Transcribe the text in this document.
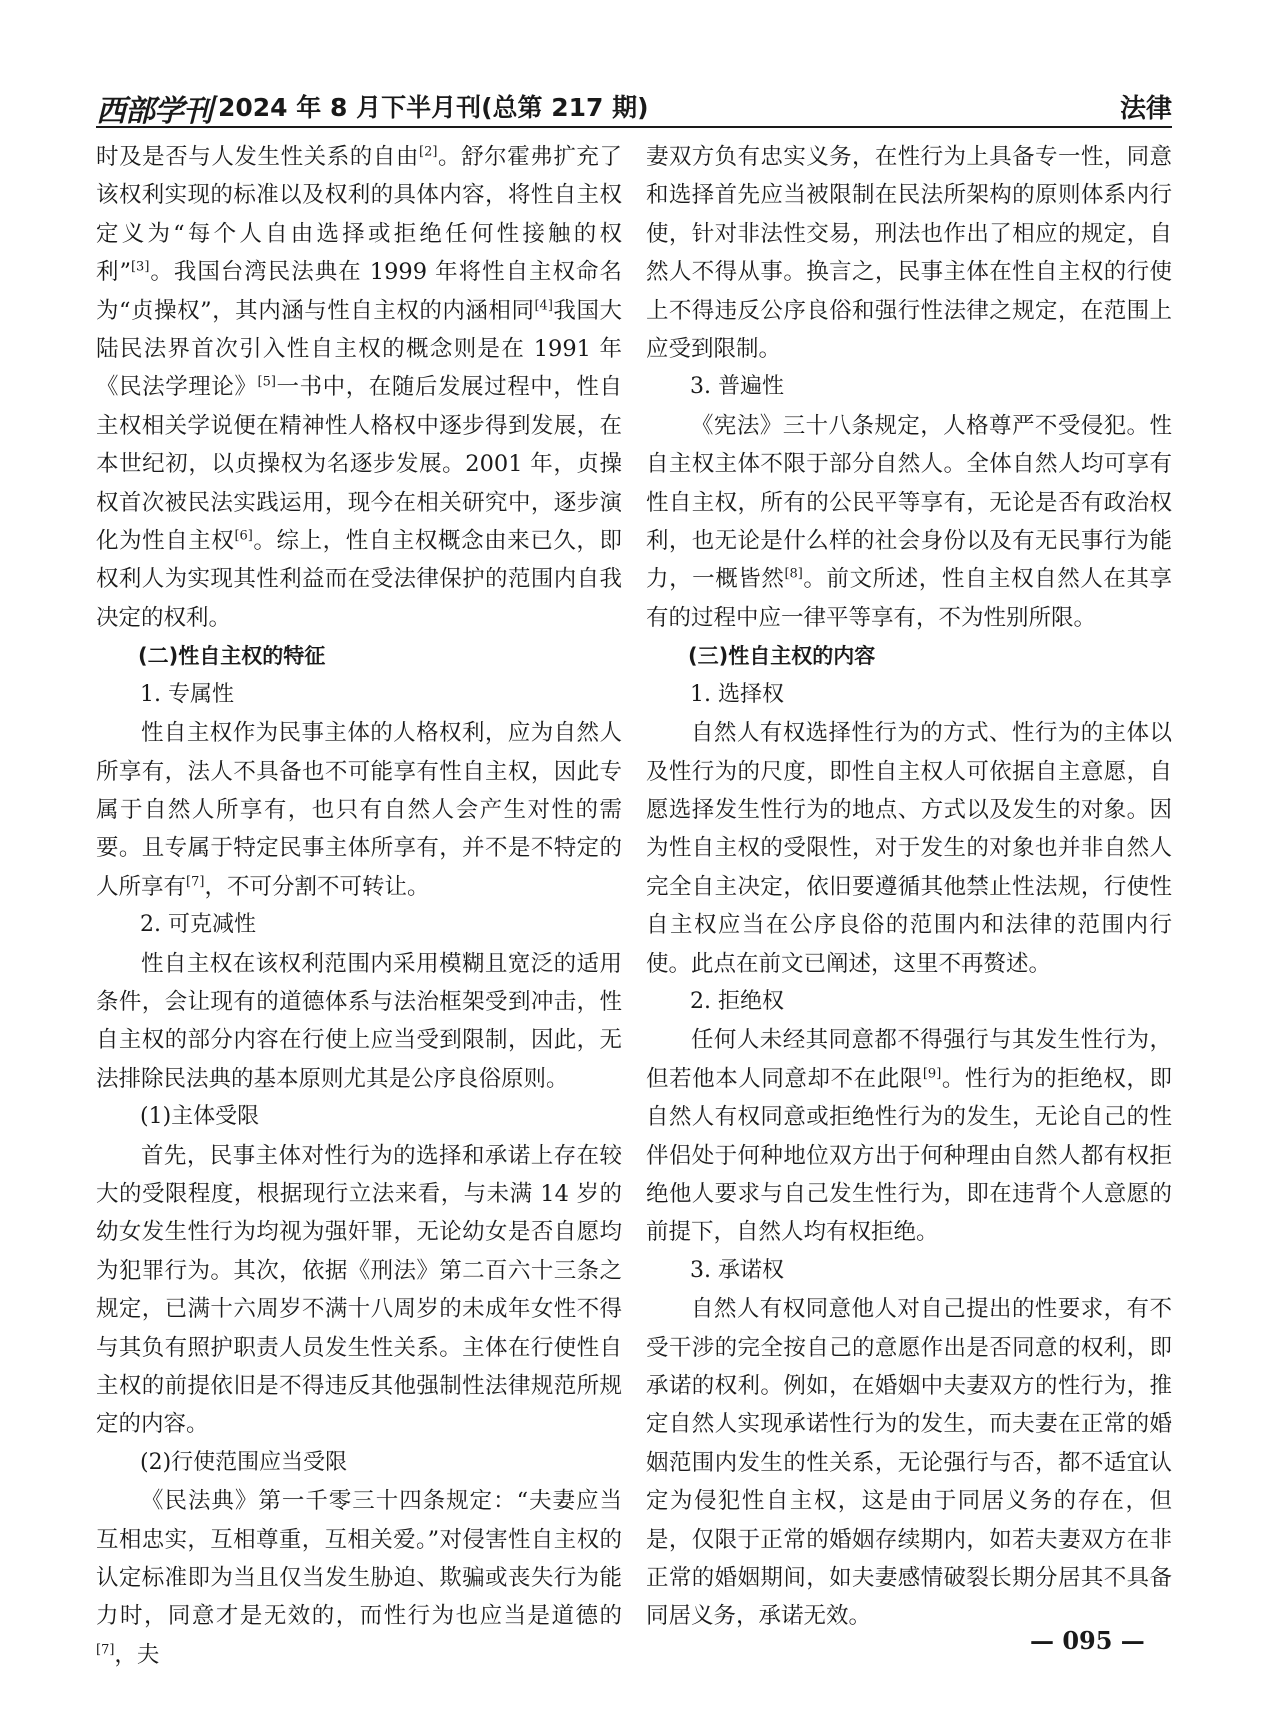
西部学刊 2024 年 8 月下半月刊(总第 217 期)	法律

时及是否与人发生性关系的自由[2]。舒尔霍弗扩充了该权利实现的标准以及权利的具体内容，将性自主权定义为“每个人自由选择或拒绝任何性接触的权利”[3]。我国台湾民法典在 1999 年将性自主权命名为“贞操权”，其内涵与性自主权的内涵相同[4]我国大陆民法界首次引入性自主权的概念则是在 1991 年《民法学理论》[5]一书中，在随后发展过程中，性自主权相关学说便在精神性人格权中逐步得到发展，在本世纪初，以贞操权为名逐步发展。2001 年，贞操权首次被民法实践运用，现今在相关研究中，逐步演化为性自主权[6]。综上，性自主权概念由来已久，即权利人为实现其性利益而在受法律保护的范围内自我决定的权利。

(二)性自主权的特征
1. 专属性

性自主权作为民事主体的人格权利，应为自然人所享有，法人不具备也不可能享有性自主权，因此专属于自然人所享有，也只有自然人会产生对性的需要。且专属于特定民事主体所享有，并不是不特定的人所享有[7]，不可分割不可转让。

2. 可克减性

性自主权在该权利范围内采用模糊且宽泛的适用条件，会让现有的道德体系与法治框架受到冲击，性自主权的部分内容在行使上应当受到限制，因此，无法排除民法典的基本原则尤其是公序良俗原则。

(1)主体受限

首先，民事主体对性行为的选择和承诺上存在较大的受限程度，根据现行立法来看，与未满 14 岁的幼女发生性行为均视为强奸罪，无论幼女是否自愿均为犯罪行为。其次，依据《刑法》第二百六十三条之规定，已满十六周岁不满十八周岁的未成年女性不得与其负有照护职责人员发生性关系。主体在行使性自主权的前提依旧是不得违反其他强制性法律规范所规定的内容。

(2)行使范围应当受限

《民法典》第一千零三十四条规定：“夫妻应当互相忠实，互相尊重，互相关爱。”对侵害性自主权的认定标准即为当且仅当发生胁迫、欺骗或丧失行为能力时，同意才是无效的，而性行为也应当是道德的[7]，夫

妻双方负有忠实义务，在性行为上具备专一性，同意和选择首先应当被限制在民法所架构的原则体系内行使，针对非法性交易，刑法也作出了相应的规定，自然人不得从事。换言之，民事主体在性自主权的行使上不得违反公序良俗和强行性法律之规定，在范围上应受到限制。

3. 普遍性

《宪法》三十八条规定，人格尊严不受侵犯。性自主权主体不限于部分自然人。全体自然人均可享有性自主权，所有的公民平等享有，无论是否有政治权利，也无论是什么样的社会身份以及有无民事行为能力，一概皆然[8]。前文所述，性自主权自然人在其享有的过程中应一律平等享有，不为性别所限。

(三)性自主权的内容
1. 选择权

自然人有权选择性行为的方式、性行为的主体以及性行为的尺度，即性自主权人可依据自主意愿，自愿选择发生性行为的地点、方式以及发生的对象。因为性自主权的受限性，对于发生的对象也并非自然人完全自主决定，依旧要遵循其他禁止性法规，行使性自主权应当在公序良俗的范围内和法律的范围内行使。此点在前文已阐述，这里不再赘述。

2. 拒绝权

任何人未经其同意都不得强行与其发生性行为，但若他本人同意却不在此限[9]。性行为的拒绝权，即自然人有权同意或拒绝性行为的发生，无论自己的性伴侣处于何种地位双方出于何种理由自然人都有权拒绝他人要求与自己发生性行为，即在违背个人意愿的前提下，自然人均有权拒绝。

3. 承诺权

自然人有权同意他人对自己提出的性要求，有不受干涉的完全按自己的意愿作出是否同意的权利，即承诺的权利。例如，在婚姻中夫妻双方的性行为，推定自然人实现承诺性行为的发生，而夫妻在正常的婚姻范围内发生的性关系，无论强行与否，都不适宜认定为侵犯性自主权，这是由于同居义务的存在，但是，仅限于正常的婚姻存续期内，如若夫妻双方在非正常的婚姻期间，如夫妻感情破裂长期分居其不具备同居义务，承诺无效。

— 095 —
